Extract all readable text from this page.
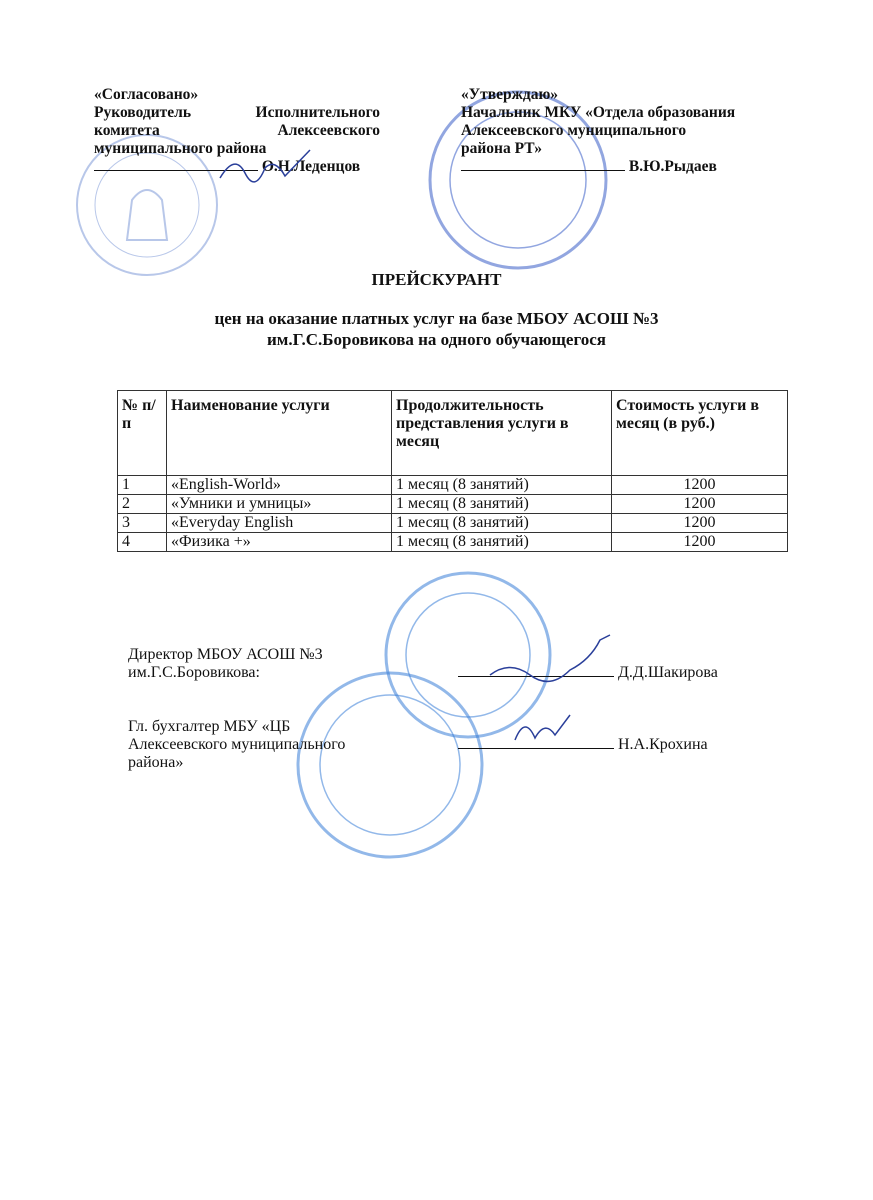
«Согласовано»
Руководитель	Исполнительного
комитета	Алексеевского
муниципального района
О.Н.Леденцов
«Утверждаю»
Начальник МКУ «Отдела образования
Алексеевского муниципального
района РТ»
В.Ю.Рыдаев
ПРЕЙСКУРАНТ
цен на оказание платных услуг на базе МБОУ АСОШ №3
им.Г.С.Боровикова на одного обучающегося
№ п/п	Наименование услуги	Продолжительность представления услуги в месяц	Стоимость услуги в месяц (в руб.)
1	«English-World»	1 месяц (8 занятий)	1200
2	«Умники и умницы»	1 месяц (8 занятий)	1200
3	«Everyday English	1 месяц (8 занятий)	1200
4	«Физика +»	1 месяц (8 занятий)	1200
Директор МБОУ АСОШ №3
им.Г.С.Боровикова:	Д.Д.Шакирова
Гл. бухгалтер МБУ «ЦБ
Алексеевского муниципального
района»
Н.А.Крохина
